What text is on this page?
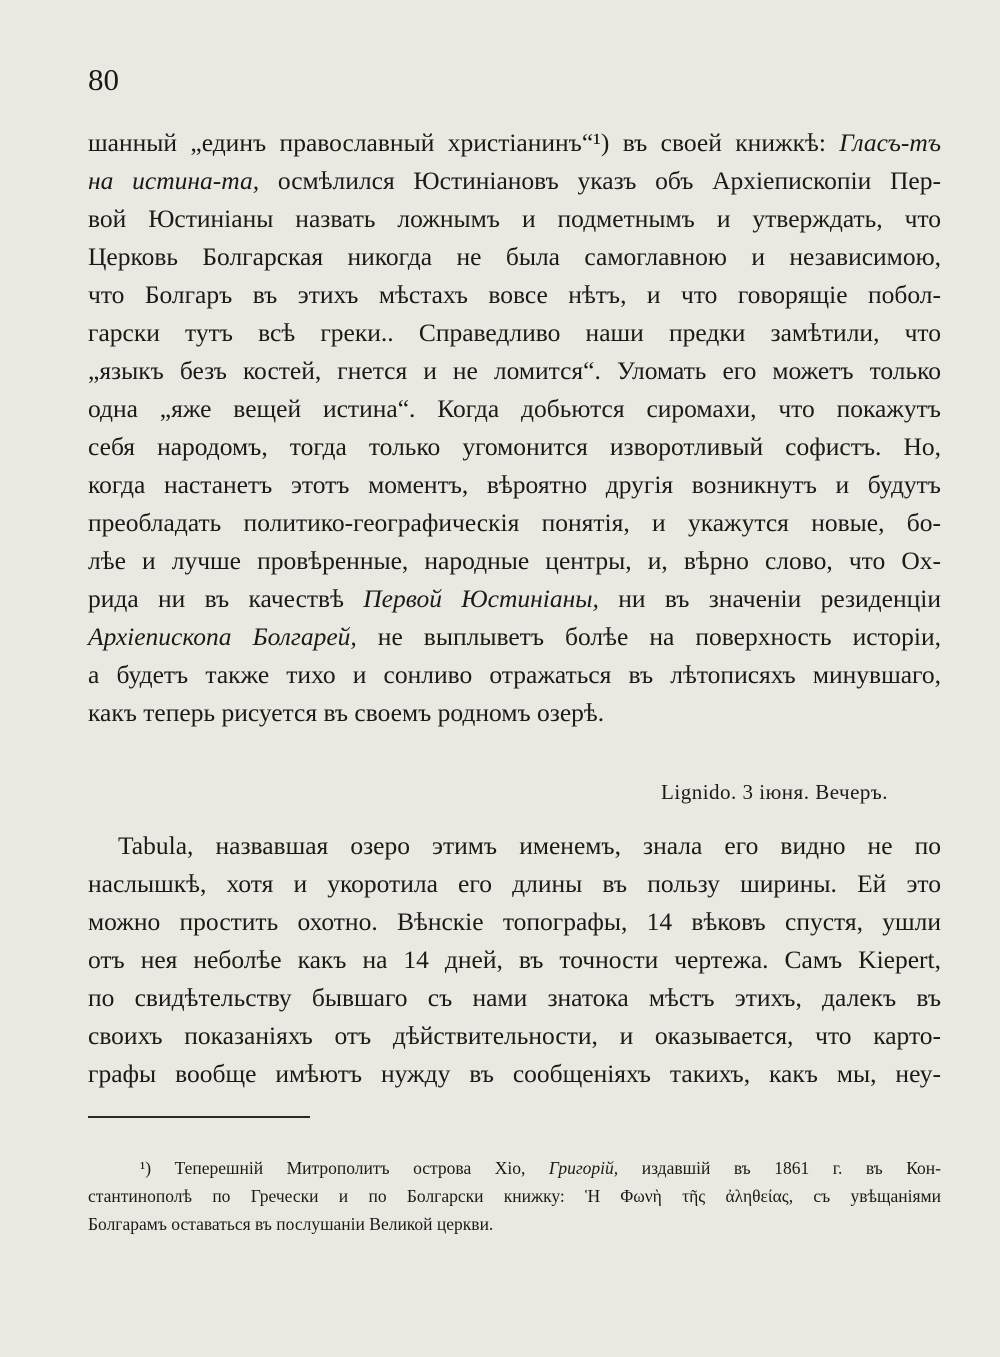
80
шанный „единъ православный христіанинъ“¹) въ своей книжкѣ: Гласъ-тъ
на истина-та, осмѣлился Юстиніановъ указъ объ Архіепископіи Пер-
вой Юстиніаны назвать ложнымъ и подметнымъ и утверждать, что
Церковь Болгарская никогда не была самоглавною и независимою,
что Болгаръ въ этихъ мѣстахъ вовсе нѣтъ, и что говорящіе побол-
гарски тутъ всѣ греки.. Справедливо наши предки замѣтили, что
„языкъ безъ костей, гнется и не ломится“. Уломать его можетъ только
одна „яже вещей истина“. Когда добьются сиромахи, что покажутъ
себя народомъ, тогда только угомонится изворотливый софистъ. Но,
когда настанетъ этотъ моментъ, вѣроятно другія возникнутъ и будутъ
преобладать политико-географическія понятія, и укажутся новые, бо-
лѣе и лучше провѣренные, народные центры, и, вѣрно слово, что Ох-
рида ни въ качествѣ Первой Юстиніаны, ни въ значеніи резиденціи
Архіепископа Болгарей, не выплыветъ болѣе на поверхность исторіи,
а будетъ также тихо и сонливо отражаться въ лѣтописяхъ минувшаго,
какъ теперь рисуется въ своемъ родномъ озерѣ.
Lignido. 3 іюня. Вечеръ.
Tabula, назвавшая озеро этимъ именемъ, знала его видно не по
наслышкѣ, хотя и укоротила его длины въ пользу ширины. Ей это
можно простить охотно. Вѣнскіе топографы, 14 вѣковъ спустя, ушли
отъ нея неболѣе какъ на 14 дней, въ точности чертежа. Самъ Kiepert,
по свидѣтельству бывшаго съ нами знатока мѣстъ этихъ, далекъ въ
своихъ показаніяхъ отъ дѣйствительности, и оказывается, что карто-
графы вообще имѣютъ нужду въ сообщеніяхъ такихъ, какъ мы, неу-
¹) Теперешній Митрополитъ острова Хіо, Григорій, издавшій въ 1861 г. въ Кон-
стантинополѣ по Гречески и по Болгарски книжку: Ἡ Φωνὴ τῆς ἀληθείας, съ увѣщаніями
Болгарамъ оставаться въ послушаніи Великой церкви.
